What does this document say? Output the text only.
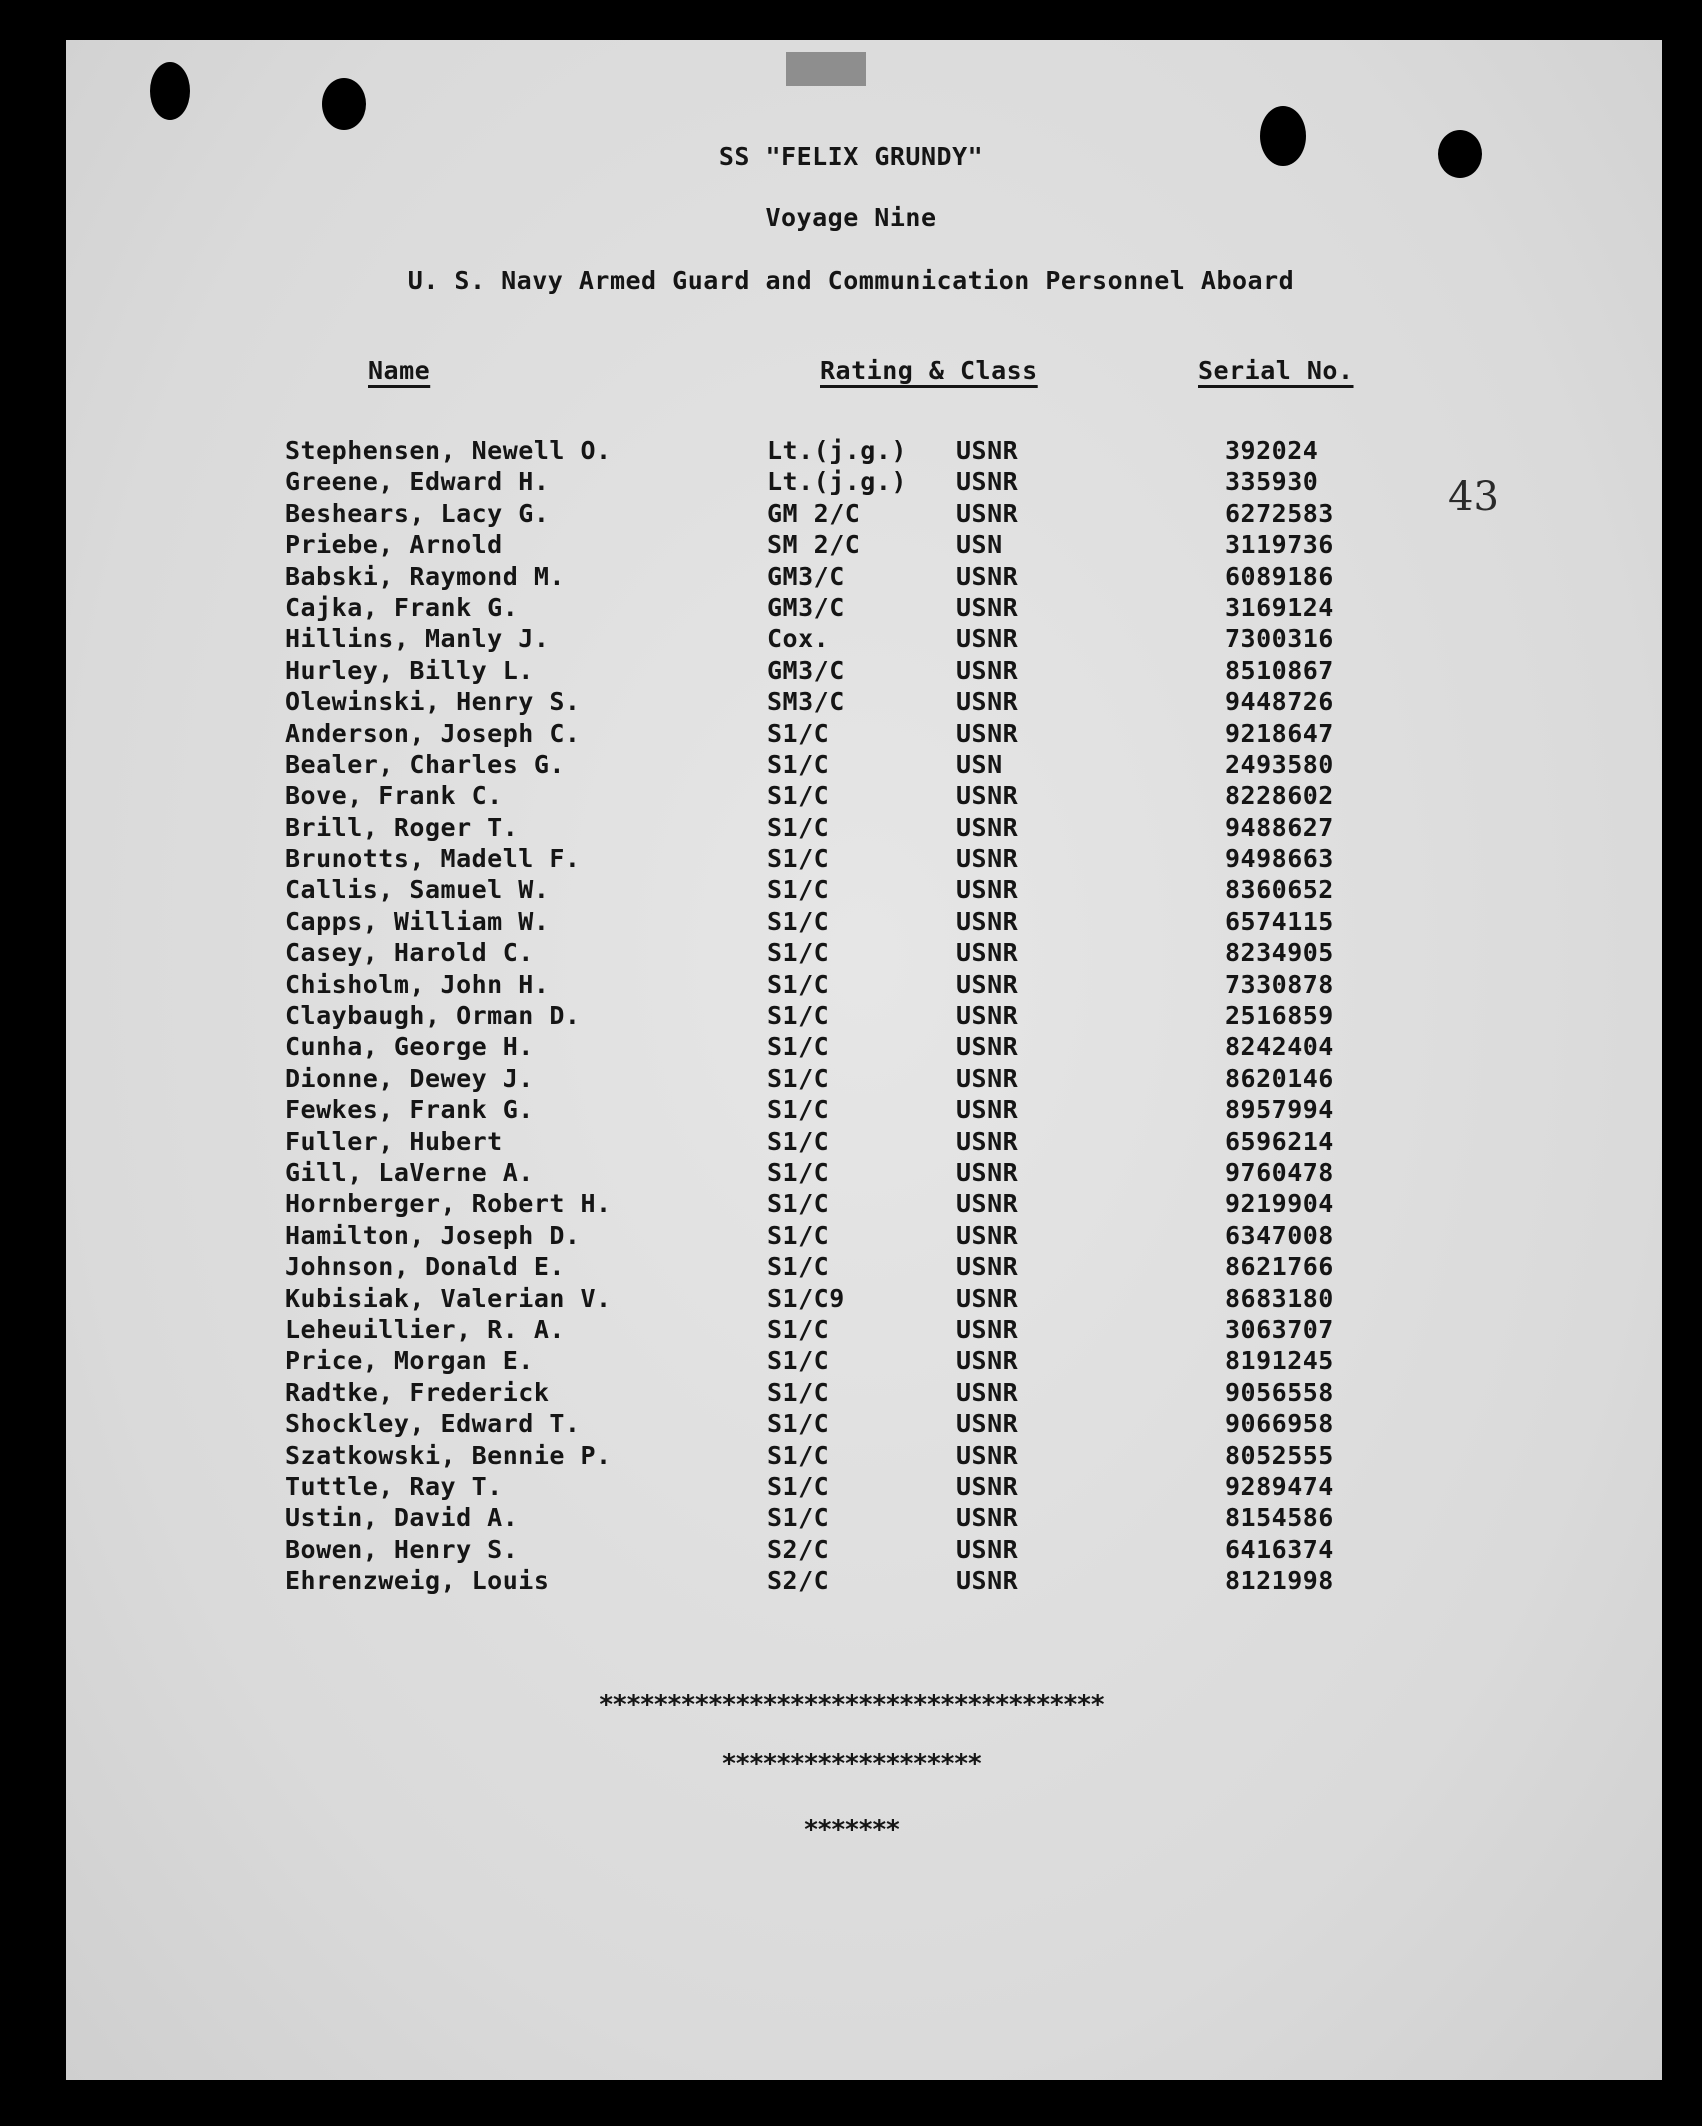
SS "FELIX GRUNDY"
Voyage Nine
U. S. Navy Armed Guard and Communication Personnel Aboard
43
Name	Rating & Class	Serial No.
Stephensen, Newell O.	Lt.(j.g.) USNR	392024
Greene, Edward H.	Lt.(j.g.) USNR	335930
Beshears, Lacy G.	GM 2/C	USNR	6272583
Priebe, Arnold	SM 2/C	USN	3119736
Babski, Raymond M.	GM3/C	USNR	6089186
Cajka, Frank G.	GM3/C	USNR	3169124
Hillins, Manly J.	Cox.	USNR	7300316
Hurley, Billy L.	GM3/C	USNR	8510867
Olewinski, Henry S.	SM3/C	USNR	9448726
Anderson, Joseph C.	S1/C	USNR	9218647
Bealer, Charles G.	S1/C	USN	2493580
Bove, Frank C.	S1/C	USNR	8228602
Brill, Roger T.	S1/C	USNR	9488627
Brunotts, Madell F.	S1/C	USNR	9498663
Callis, Samuel W.	S1/C	USNR	8360652
Capps, William W.	S1/C	USNR	6574115
Casey, Harold C.	S1/C	USNR	8234905
Chisholm, John H.	S1/C	USNR	7330878
Claybaugh, Orman D.	S1/C	USNR	2516859
Cunha, George H.	S1/C	USNR	8242404
Dionne, Dewey J.	S1/C	USNR	8620146
Fewkes, Frank G.	S1/C	USNR	8957994
Fuller, Hubert	S1/C	USNR	6596214
Gill, LaVerne A.	S1/C	USNR	9760478
Hornberger, Robert H.	S1/C	USNR	9219904
Hamilton, Joseph D.	S1/C	USNR	6347008
Johnson, Donald E.	S1/C	USNR	8621766
Kubisiak, Valerian V.	S1/C9	USNR	8683180
Leheuillier, R. A.	S1/C	USNR	3063707
Price, Morgan E.	S1/C	USNR	8191245
Radtke, Frederick	S1/C	USNR	9056558
Shockley, Edward T.	S1/C	USNR	9066958
Szatkowski, Bennie P.	S1/C	USNR	8052555
Tuttle, Ray T.	S1/C	USNR	9289474
Ustin, David A.	S1/C	USNR	8154586
Bowen, Henry S.	S2/C	USNR	6416374
Ehrenzweig, Louis	S2/C	USNR	8121998
*************************************
*******************
*******
